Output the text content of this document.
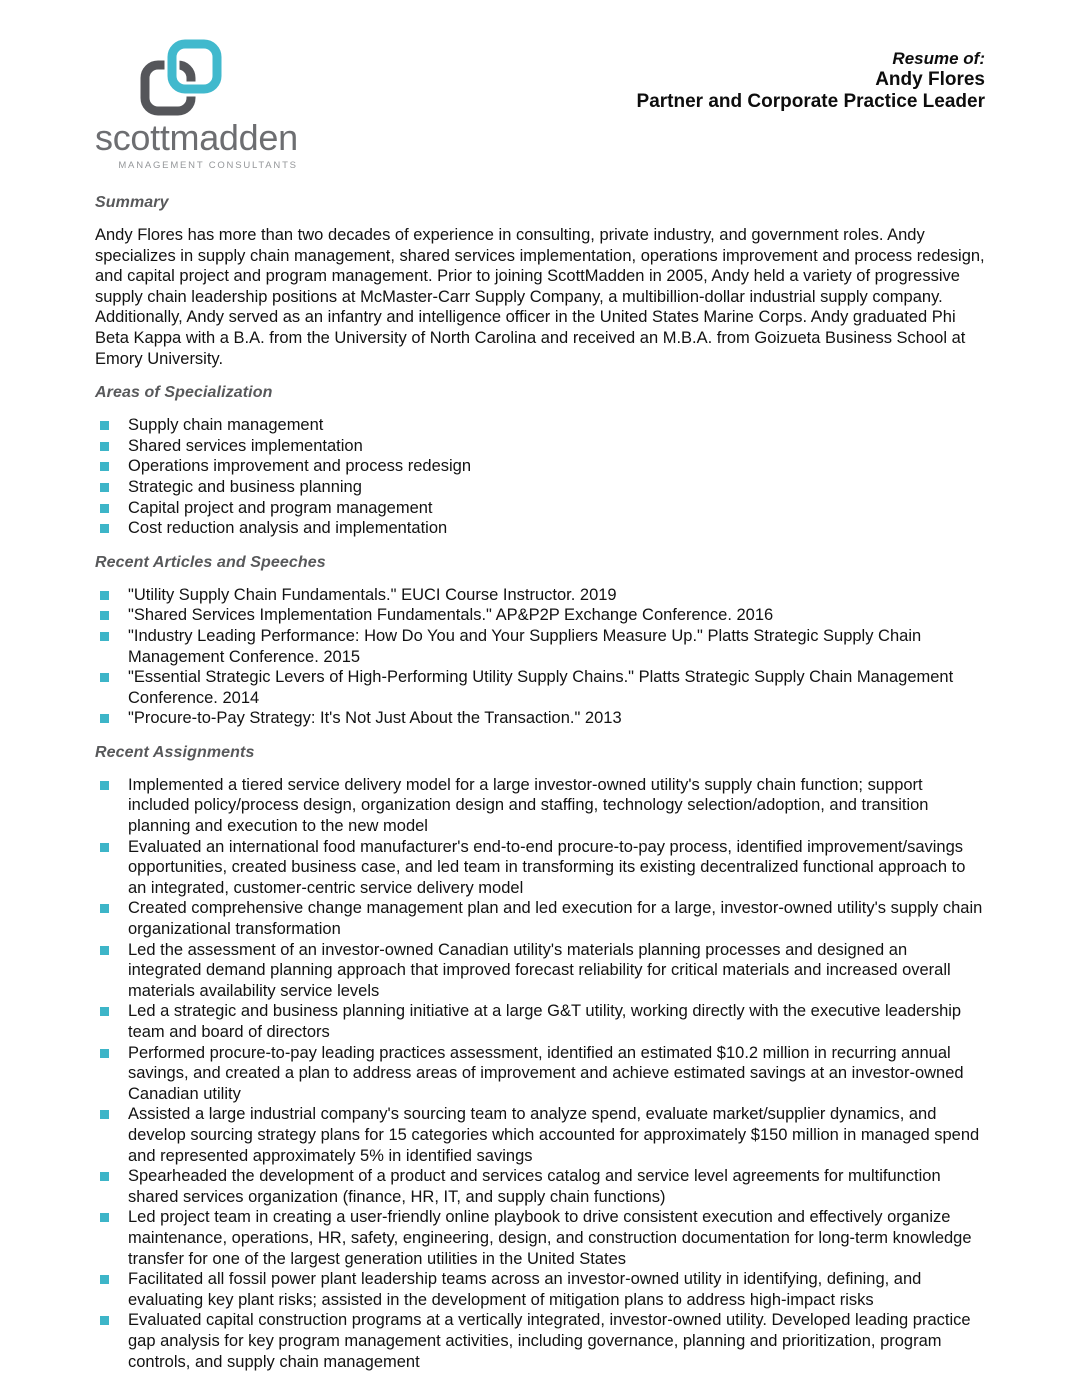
scottmadden
MANAGEMENT CONSULTANTS
Resume of:
Andy Flores
Partner and Corporate Practice Leader
Summary

Andy Flores has more than two decades of experience in consulting, private industry, and government roles. Andy specializes in supply chain management, shared services implementation, operations improvement and process redesign, and capital project and program management. Prior to joining ScottMadden in 2005, Andy held a variety of progressive supply chain leadership positions at McMaster-Carr Supply Company, a multibillion-dollar industrial supply company. Additionally, Andy served as an infantry and intelligence officer in the United States Marine Corps. Andy graduated Phi Beta Kappa with a B.A. from the University of North Carolina and received an M.B.A. from Goizueta Business School at Emory University.

Areas of Specialization
Supply chain management
Shared services implementation
Operations improvement and process redesign
Strategic and business planning
Capital project and program management
Cost reduction analysis and implementation
Recent Articles and Speeches
"Utility Supply Chain Fundamentals." EUCI Course Instructor. 2019
"Shared Services Implementation Fundamentals." AP&P2P Exchange Conference. 2016
"Industry Leading Performance: How Do You and Your Suppliers Measure Up." Platts Strategic Supply Chain Management Conference. 2015
"Essential Strategic Levers of High-Performing Utility Supply Chains." Platts Strategic Supply Chain Management Conference. 2014
"Procure-to-Pay Strategy: It's Not Just About the Transaction." 2013
Recent Assignments
Implemented a tiered service delivery model for a large investor-owned utility's supply chain function; support included policy/process design, organization design and staffing, technology selection/adoption, and transition planning and execution to the new model
Evaluated an international food manufacturer's end-to-end procure-to-pay process, identified improvement/savings opportunities, created business case, and led team in transforming its existing decentralized functional approach to an integrated, customer-centric service delivery model
Created comprehensive change management plan and led execution for a large, investor-owned utility's supply chain organizational transformation
Led the assessment of an investor-owned Canadian utility's materials planning processes and designed an integrated demand planning approach that improved forecast reliability for critical materials and increased overall materials availability service levels
Led a strategic and business planning initiative at a large G&T utility, working directly with the executive leadership team and board of directors
Performed procure-to-pay leading practices assessment, identified an estimated $10.2 million in recurring annual savings, and created a plan to address areas of improvement and achieve estimated savings at an investor-owned Canadian utility
Assisted a large industrial company's sourcing team to analyze spend, evaluate market/supplier dynamics, and develop sourcing strategy plans for 15 categories which accounted for approximately $150 million in managed spend and represented approximately 5% in identified savings
Spearheaded the development of a product and services catalog and service level agreements for multifunction shared services organization (finance, HR, IT, and supply chain functions)
Led project team in creating a user-friendly online playbook to drive consistent execution and effectively organize maintenance, operations, HR, safety, engineering, design, and construction documentation for long-term knowledge transfer for one of the largest generation utilities in the United States
Facilitated all fossil power plant leadership teams across an investor-owned utility in identifying, defining, and evaluating key plant risks; assisted in the development of mitigation plans to address high-impact risks
Evaluated capital construction programs at a vertically integrated, investor-owned utility. Developed leading practice gap analysis for key program management activities, including governance, planning and prioritization, program controls, and supply chain management
